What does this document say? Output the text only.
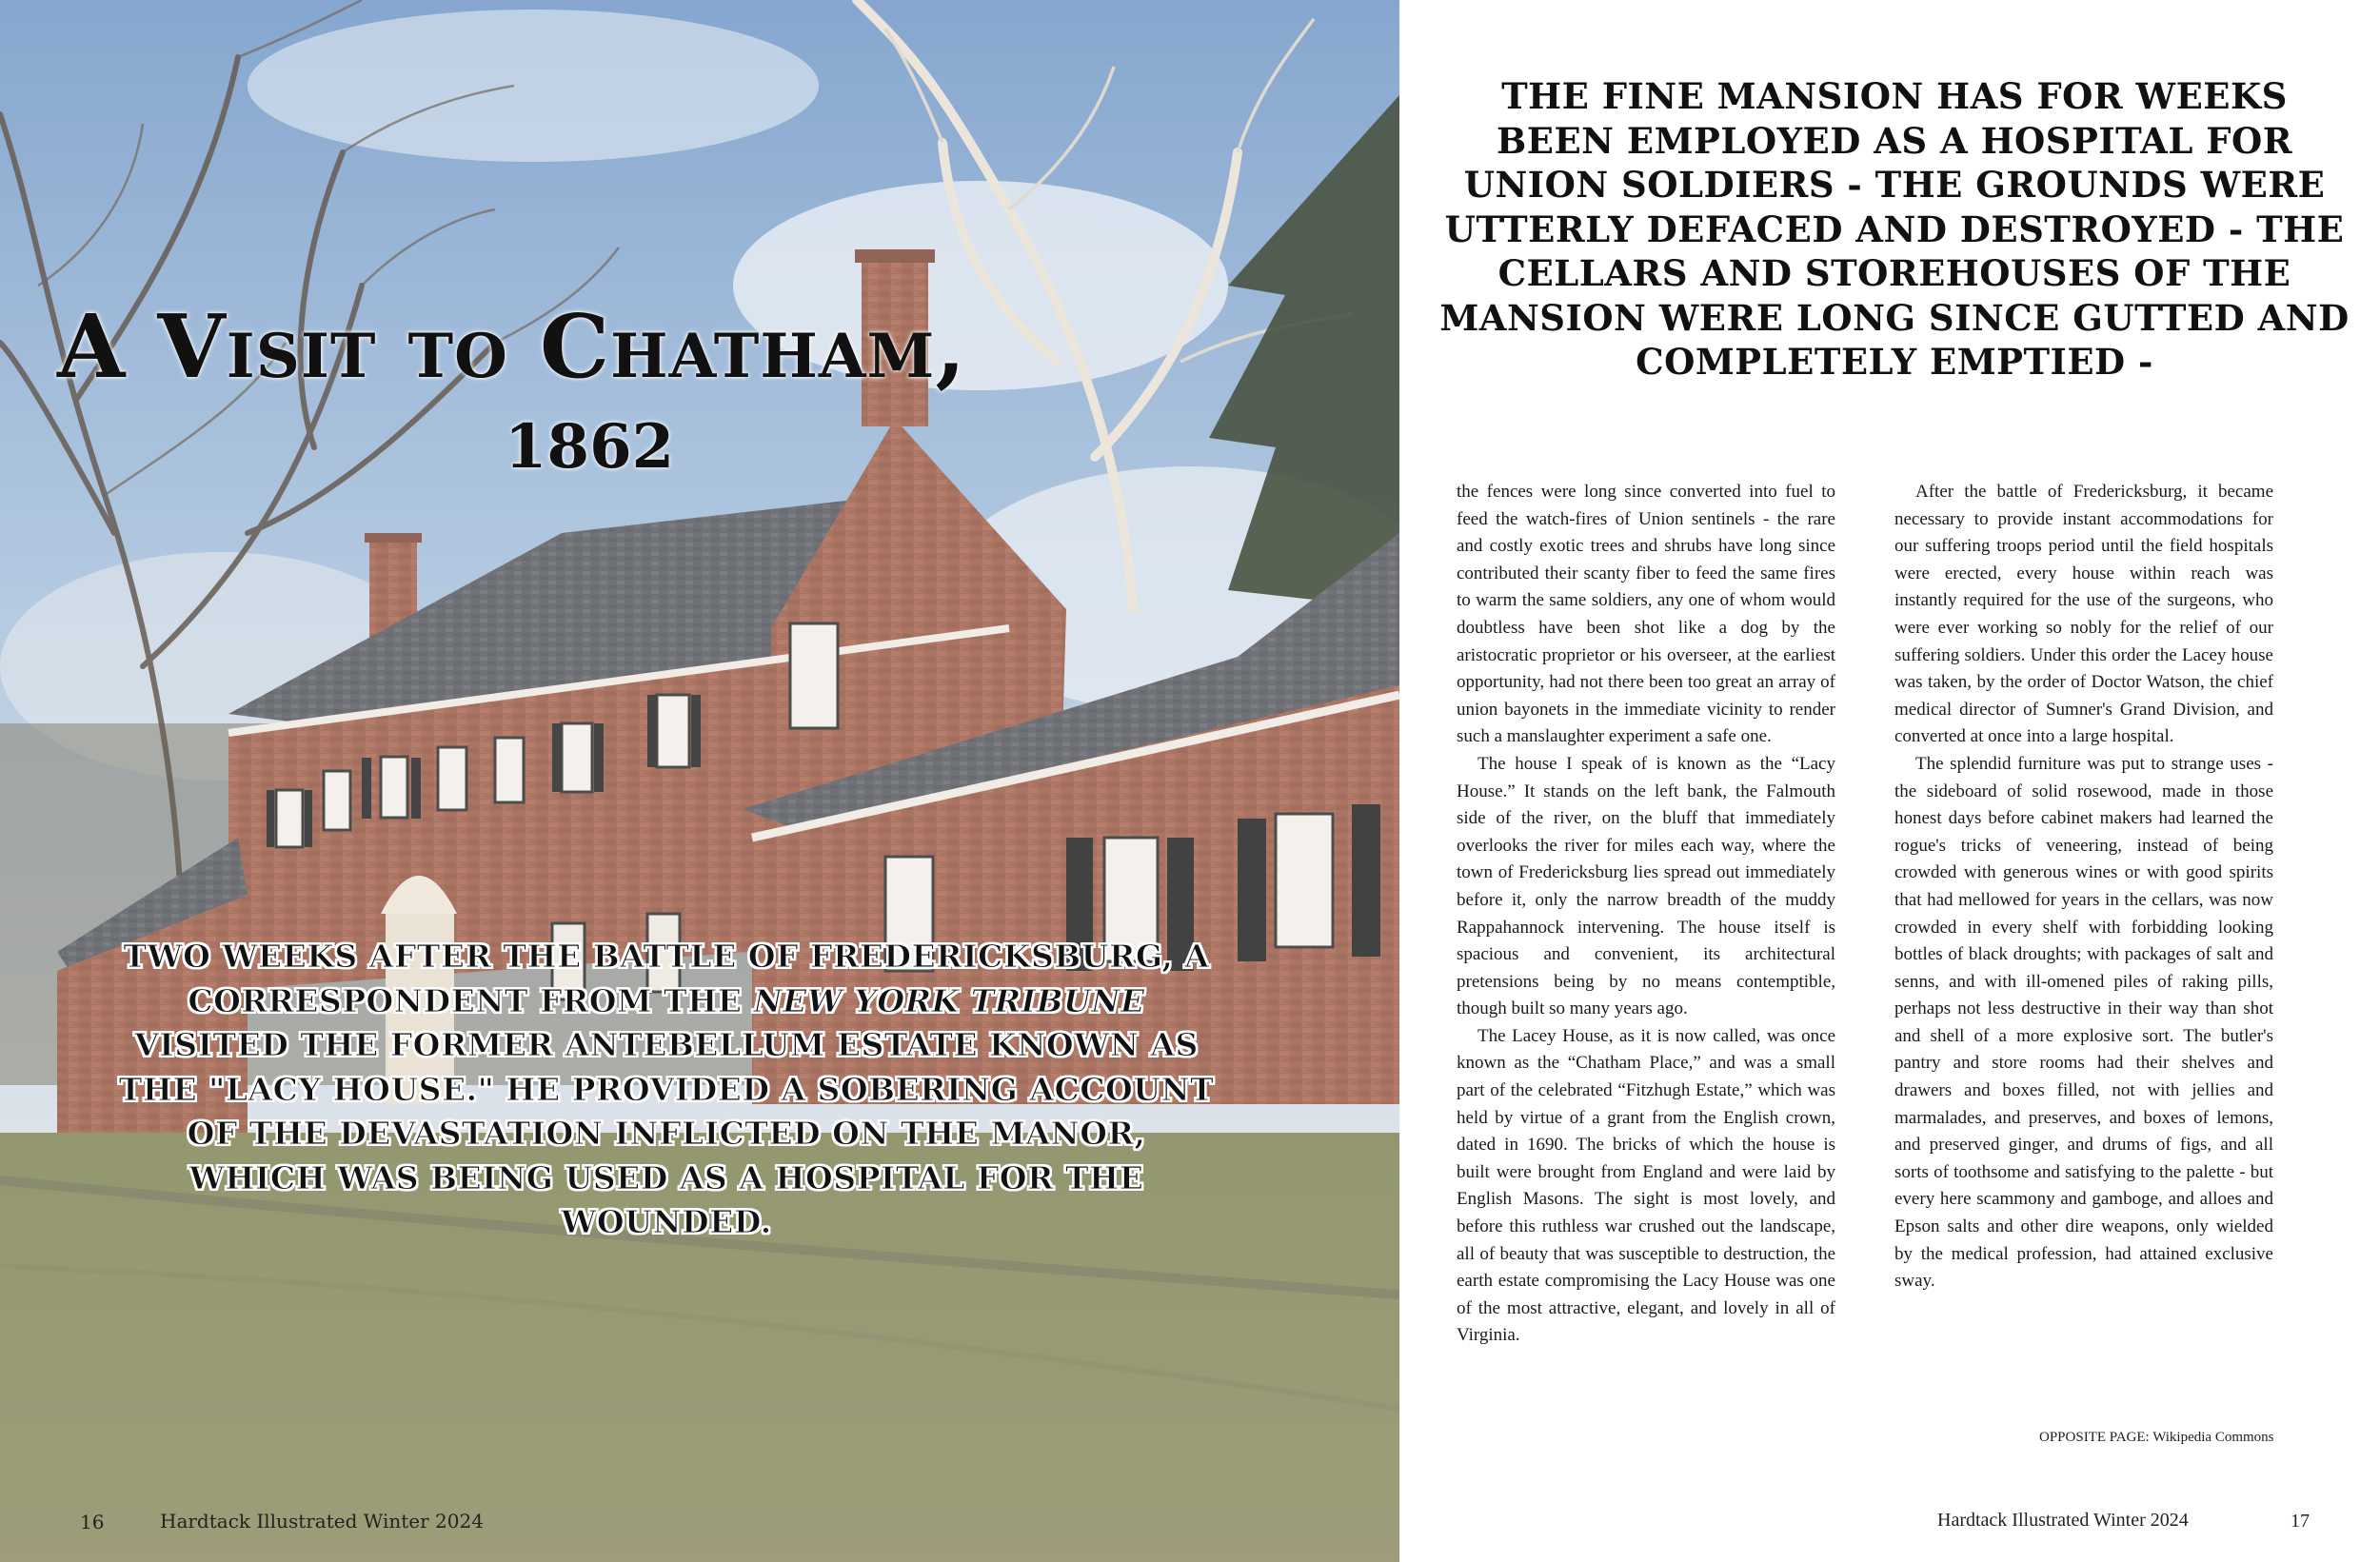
A Visit to Chatham,
1862

TWO WEEKS AFTER THE BATTLE OF FREDERICKSBURG, A CORRESPONDENT FROM THE NEW YORK TRIBUNE VISITED THE FORMER ANTEBELLUM ESTATE KNOWN AS THE "LACY HOUSE." HE PROVIDED A SOBERING ACCOUNT OF THE DEVASTATION INFLICTED ON THE MANOR, WHICH WAS BEING USED AS A HOSPITAL FOR THE WOUNDED.

16	Hardtack Illustrated Winter 2024

THE FINE MANSION HAS FOR WEEKS BEEN EMPLOYED AS A HOSPITAL FOR UNION SOLDIERS - THE GROUNDS WERE UTTERLY DEFACED AND DESTROYED - THE CELLARS AND STOREHOUSES OF THE MANSION WERE LONG SINCE GUTTED AND COMPLETELY EMPTIED -

the fences were long since converted into fuel to feed the watch-fires of Union sentinels - the rare and costly exotic trees and shrubs have long since contributed their scanty fiber to feed the same fires to warm the same soldiers, any one of whom would doubtless have been shot like a dog by the aristocratic proprietor or his overseer, at the earliest opportunity, had not there been too great an array of union bayonets in the immediate vicinity to render such a manslaughter experiment a safe one.

The house I speak of is known as the “Lacy House.” It stands on the left bank, the Falmouth side of the river, on the bluff that immediately overlooks the river for miles each way, where the town of Fredericksburg lies spread out immediately before it, only the narrow breadth of the muddy Rappahannock intervening. The house itself is spacious and convenient, its architectural pretensions being by no means contemptible, though built so many years ago.

The Lacey House, as it is now called, was once known as the “Chatham Place,” and was a small part of the celebrated “Fitzhugh Estate,” which was held by virtue of a grant from the English crown, dated in 1690. The bricks of which the house is built were brought from England and were laid by English Masons. The sight is most lovely, and before this ruthless war crushed out the landscape, all of beauty that was susceptible to destruction, the earth estate compromising the Lacy House was one of the most attractive, elegant, and lovely in all of Virginia.

After the battle of Fredericksburg, it became necessary to provide instant accommodations for our suffering troops period until the field hospitals were erected, every house within reach was instantly required for the use of the surgeons, who were ever working so nobly for the relief of our suffering soldiers. Under this order the Lacey house was taken, by the order of Doctor Watson, the chief medical director of Sumner's Grand Division, and converted at once into a large hospital.

The splendid furniture was put to strange uses - the sideboard of solid rosewood, made in those honest days before cabinet makers had learned the rogue's tricks of veneering, instead of being crowded with generous wines or with good spirits that had mellowed for years in the cellars, was now crowded in every shelf with forbidding looking bottles of black droughts; with packages of salt and senns, and with ill-omened piles of raking pills, perhaps not less destructive in their way than shot and shell of a more explosive sort. The butler's pantry and store rooms had their shelves and drawers and boxes filled, not with jellies and marmalades, and preserves, and boxes of lemons, and preserved ginger, and drums of figs, and all sorts of toothsome and satisfying to the palette - but every here scammony and gamboge, and alloes and Epson salts and other dire weapons, only wielded by the medical profession, had attained exclusive sway.

OPPOSITE PAGE: Wikipedia Commons
Hardtack Illustrated Winter 2024	17
